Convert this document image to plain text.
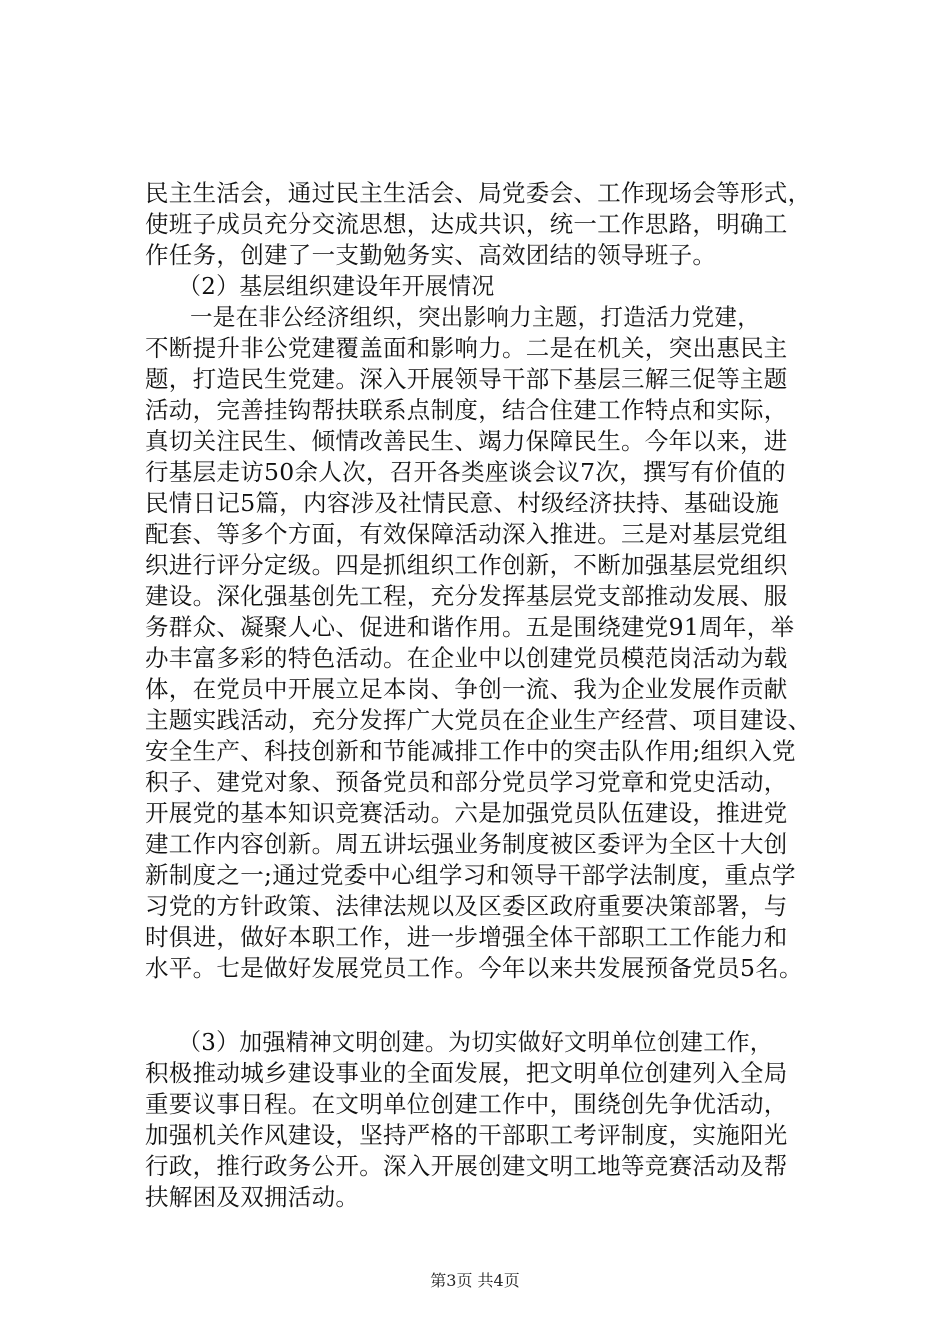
民主生活会，通过民主生活会、局党委会、工作现场会等形式，
使班子成员充分交流思想，达成共识，统一工作思路，明确工
作任务，创建了一支勤勉务实、高效团结的领导班子。
（2）基层组织建设年开展情况
一是在非公经济组织，突出影响力主题，打造活力党建，
不断提升非公党建覆盖面和影响力。二是在机关，突出惠民主
题，打造民生党建。深入开展领导干部下基层三解三促等主题
活动，完善挂钩帮扶联系点制度，结合住建工作特点和实际，
真切关注民生、倾情改善民生、竭力保障民生。今年以来，进
行基层走访50余人次，召开各类座谈会议7次，撰写有价值的
民情日记5篇，内容涉及社情民意、村级经济扶持、基础设施
配套、等多个方面，有效保障活动深入推进。三是对基层党组
织进行评分定级。四是抓组织工作创新，不断加强基层党组织
建设。深化强基创先工程，充分发挥基层党支部推动发展、服
务群众、凝聚人心、促进和谐作用。五是围绕建党91周年，举
办丰富多彩的特色活动。在企业中以创建党员模范岗活动为载
体，在党员中开展立足本岗、争创一流、我为企业发展作贡献
主题实践活动，充分发挥广大党员在企业生产经营、项目建设、
安全生产、科技创新和节能减排工作中的突击队作用;组织入党
积子、建党对象、预备党员和部分党员学习党章和党史活动，
开展党的基本知识竞赛活动。六是加强党员队伍建设，推进党
建工作内容创新。周五讲坛强业务制度被区委评为全区十大创
新制度之一;通过党委中心组学习和领导干部学法制度，重点学
习党的方针政策、法律法规以及区委区政府重要决策部署，与
时俱进，做好本职工作，进一步增强全体干部职工工作能力和
水平。七是做好发展党员工作。今年以来共发展预备党员5名。
（3）加强精神文明创建。为切实做好文明单位创建工作，
积极推动城乡建设事业的全面发展，把文明单位创建列入全局
重要议事日程。在文明单位创建工作中，围绕创先争优活动，
加强机关作风建设，坚持严格的干部职工考评制度，实施阳光
行政，推行政务公开。深入开展创建文明工地等竞赛活动及帮
扶解困及双拥活动。
第3页 共4页
